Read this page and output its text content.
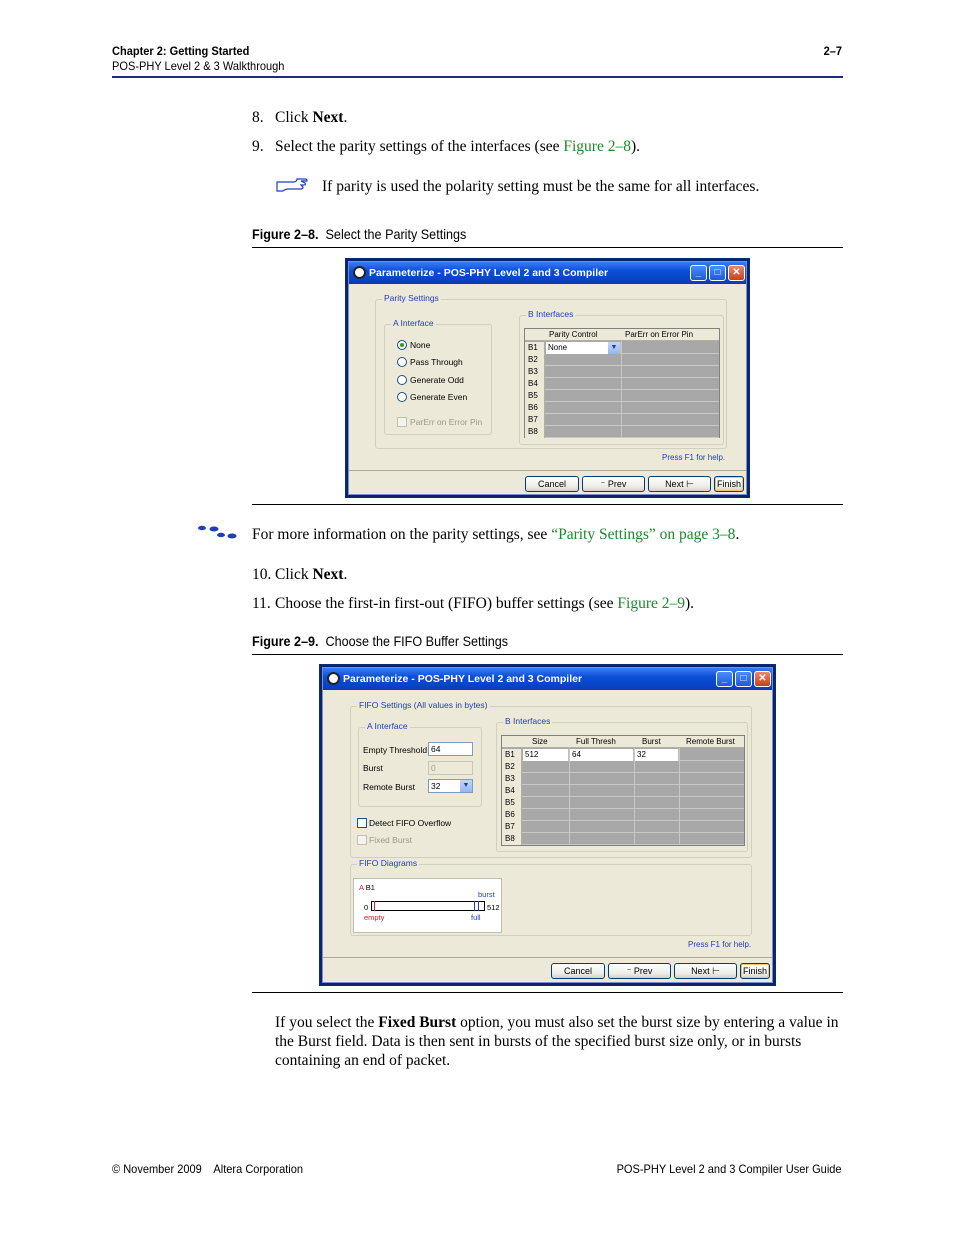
Chapter 2: Getting Started
POS-PHY Level 2 & 3 Walkthrough
2–7
8. Click Next.
9. Select the parity settings of the interfaces (see Figure 2–8).
If parity is used the polarity setting must be the same for all interfaces.
Figure 2–8. Select the Parity Settings
Parameterize - POS-PHY Level 2 and 3 Compiler	_	□	✕
Parity Settings
A Interface
None
Pass Through
Generate Odd
Generate Even
ParErr on Error Pin
B Interfaces
Parity Control	ParErr on Error Pin
B1	None	▼
B2
B3
B4
B5
B6
B7
B8
Press F1 for help.
Cancel	⁻ Prev	Next ⊢	Finish
For more information on the parity settings, see “Parity Settings” on page 3–8.
10. Click Next.
11. Choose the first-in first-out (FIFO) buffer settings (see Figure 2–9).
Figure 2–9. Choose the FIFO Buffer Settings
Parameterize - POS-PHY Level 2 and 3 Compiler	_	□	✕
FIFO Settings (All values in bytes)
A Interface
Empty Threshold 64
Burst	0
Remote Burst	32	▼
Detect FIFO Overflow
Fixed Burst
B Interfaces
Size	Full Thresh	Burst	Remote Burst
B1	512	64	32
B2
B3
B4
B5
B6
B7
B8
FIFO Diagrams
A B1
burst
0	512
empty	full
Press F1 for help.
Cancel	⁻ Prev	Next ⊢	Finish
If you select the Fixed Burst option, you must also set the burst size by entering a value in the Burst field. Data is then sent in bursts of the specified burst size only, or in bursts containing an end of packet.
© November 2009    Altera Corporation	POS-PHY Level 2 and 3 Compiler User Guide
